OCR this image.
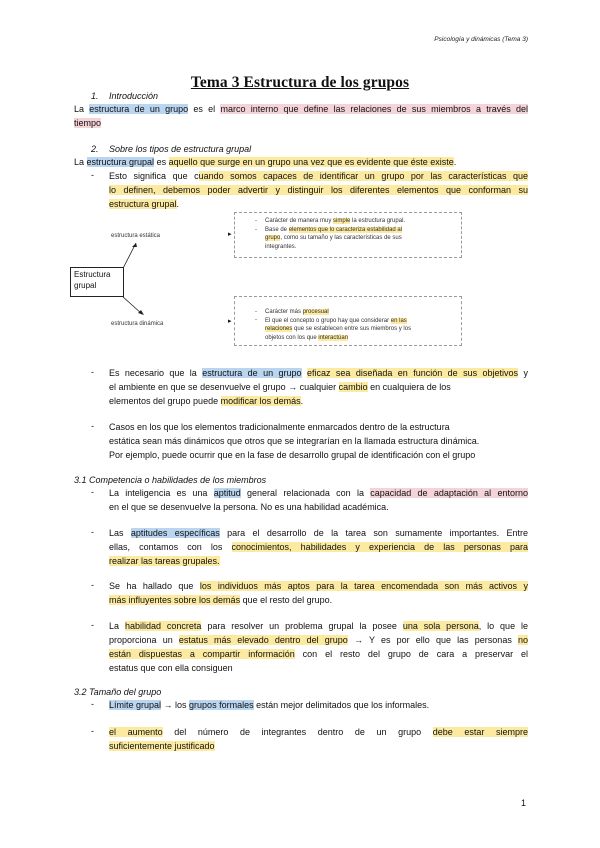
Psicología y dinámicas (Tema 3)
Tema 3 Estructura de los grupos
1. Introducción
La estructura de un grupo es el marco interno que define las relaciones de sus miembros a través del
tiempo
2. Sobre los tipos de estructura grupal
La estructura grupal es aquello que surge en un grupo una vez que es evidente que éste existe.
- Esto significa que cuando somos capaces de identificar un grupo por las características que
lo definen, debemos poder advertir y distinguir los diferentes elementos que conforman su
estructura grupal.
estructura estática
estructura dinámica
▸
▸
Estructura
grupal
-
-
Carácter de manera muy simple la estructura grupal.
Base de elementos que lo caracteriza estabilidad al
grupo, como su tamaño y las características de sus
integrantes.
-
-
Carácter más procesual
El que el concepto o grupo hay que considerar en las
relaciones que se establecen entre sus miembros y los
objetos con los que interactúan
- Es necesario que la estructura de un grupo eficaz sea diseñada en función de sus objetivos y
el ambiente en que se desenvuelve el grupo → cualquier cambio en cualquiera de los
elementos del grupo puede modificar los demás.
- Casos en los que los elementos tradicionalmente enmarcados dentro de la estructura
estática sean más dinámicos que otros que se integrarían en la llamada estructura dinámica.
Por ejemplo, puede ocurrir que en la fase de desarrollo grupal de identificación con el grupo
3.1 Competencia o habilidades de los miembros
- La inteligencia es una aptitud general relacionada con la capacidad de adaptación al entorno
en el que se desenvuelve la persona. No es una habilidad académica.
- Las aptitudes específicas para el desarrollo de la tarea son sumamente importantes. Entre
ellas, contamos con los conocimientos, habilidades y experiencia de las personas para
realizar las tareas grupales.
- Se ha hallado que los individuos más aptos para la tarea encomendada son más activos y
más influyentes sobre los demás que el resto del grupo.
- La habilidad concreta para resolver un problema grupal la posee una sola persona, lo que le
proporciona un estatus más elevado dentro del grupo → Y es por ello que las personas no
están dispuestas a compartir información con el resto del grupo de cara a preservar el
estatus que con ella consiguen
3.2 Tamaño del grupo
- Límite grupal → los grupos formales están mejor delimitados que los informales.
- el aumento del número de integrantes dentro de un grupo debe estar siempre
suficientemente justificado
1
